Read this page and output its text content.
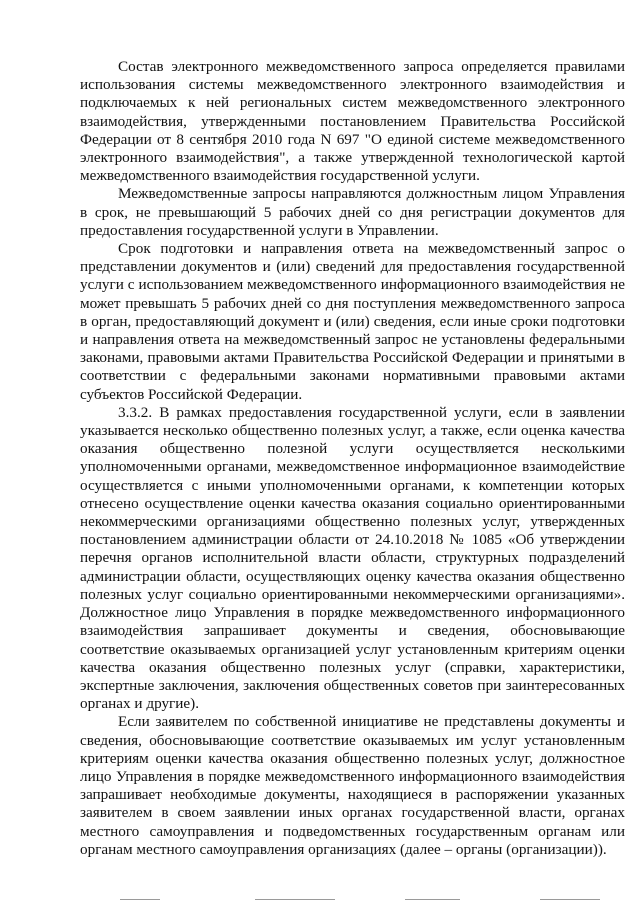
Состав электронного межведомственного запроса определяется правилами использования системы межведомственного электронного взаимодействия и подключаемых к ней региональных систем межведомственного электронного взаимодействия, утвержденными постановлением Правительства Российской Федерации от 8 сентября 2010 года N 697 "О единой системе межведомственного электронного взаимодействия", а также утвержденной технологической картой межведомственного взаимодействия государственной услуги.

Межведомственные запросы направляются должностным лицом Управления в срок, не превышающий 5 рабочих дней со дня регистрации документов для предоставления государственной услуги в Управлении.

Срок подготовки и направления ответа на межведомственный запрос о представлении документов и (или) сведений для предоставления государственной услуги с использованием межведомственного информационного взаимодействия не может превышать 5 рабочих дней со дня поступления межведомственного запроса в орган, предоставляющий документ и (или) сведения, если иные сроки подготовки и направления ответа на межведомственный запрос не установлены федеральными законами, правовыми актами Правительства Российской Федерации и принятыми в соответствии с федеральными законами нормативными правовыми актами субъектов Российской Федерации.

3.3.2. В рамках предоставления государственной услуги, если в заявлении указывается несколько общественно полезных услуг, а также, если оценка качества оказания общественно полезной услуги осуществляется несколькими уполномоченными органами, межведомственное информационное взаимодействие осуществляется с иными уполномоченными органами, к компетенции которых отнесено осуществление оценки качества оказания социально ориентированными некоммерческими организациями общественно полезных услуг, утвержденных постановлением администрации области от 24.10.2018 № 1085 «Об утверждении перечня органов исполнительной власти области, структурных подразделений администрации области, осуществляющих оценку качества оказания общественно полезных услуг социально ориентированными некоммерческими организациями». Должностное лицо Управления в порядке межведомственного информационного взаимодействия запрашивает документы и сведения, обосновывающие соответствие оказываемых организацией услуг установленным критериям оценки качества оказания общественно полезных услуг (справки, характеристики, экспертные заключения, заключения общественных советов при заинтересованных органах и другие).

Если заявителем по собственной инициативе не представлены документы и сведения, обосновывающие соответствие оказываемых им услуг установленным критериям оценки качества оказания общественно полезных услуг, должностное лицо Управления в порядке межведомственного информационного взаимодействия запрашивает необходимые документы, находящиеся в распоряжении указанных заявителем в своем заявлении иных органах государственной власти, органах местного самоуправления и подведомственных государственным органам или органам местного самоуправления организациях (далее – органы (организации)).
